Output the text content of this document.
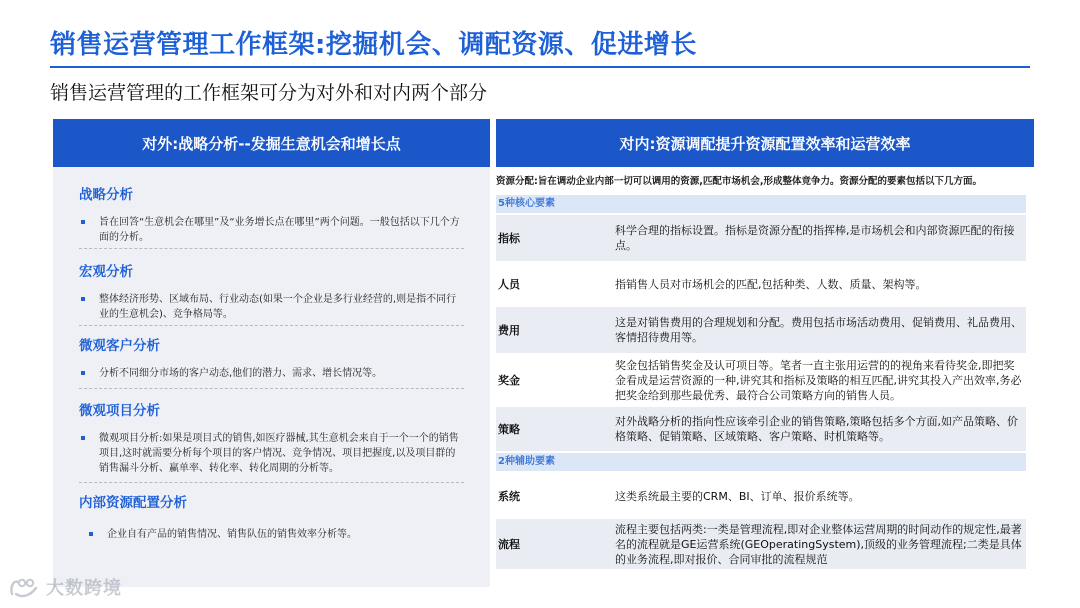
销售运营管理工作框架:挖掘机会、调配资源、促进增长
销售运营管理的工作框架可分为对外和对内两个部分
对外:战略分析--发掘生意机会和增长点
战略分析
旨在回答“生意机会在哪里”及“业务增长点在哪里”两个问题。一般包括以下几个方面的分析。
宏观分析
整体经济形势、区域布局、行业动态(如果一个企业是多行业经营的,则是指不同行业的生意机会)、竞争格局等。
微观客户分析
分析不同细分市场的客户动态,他们的潜力、需求、增长情况等。
微观项目分析
微观项目分析:如果是项目式的销售,如医疗器械,其生意机会来自于一个一个的销售项目,这时就需要分析每个项目的客户情况、竞争情况、项目把握度,以及项目群的销售漏斗分析、赢单率、转化率、转化周期的分析等。
内部资源配置分析
企业自有产品的销售情况、销售队伍的销售效率分析等。
对内:资源调配提升资源配置效率和运营效率
资源分配:旨在调动企业内部一切可以调用的资源,匹配市场机会,形成整体竞争力。资源分配的要素包括以下几方面。
5种核心要素
指标
科学合理的指标设置。指标是资源分配的指挥棒,是市场机会和内部资源匹配的衔接点。
人员	指销售人员对市场机会的匹配,包括种类、人数、质量、架构等。
费用
这是对销售费用的合理规划和分配。费用包括市场活动费用、促销费用、礼品费用、客情招待费用等。
奖金
奖金包括销售奖金及认可项目等。笔者一直主张用运营的的视角来看待奖金,即把奖金看成是运营资源的一种,讲究其和指标及策略的相互匹配,讲究其投入产出效率,务必把奖金给到那些最优秀、最符合公司策略方向的销售人员。
策略
对外战略分析的指向性应该牵引企业的销售策略,策略包括多个方面,如产品策略、价格策略、促销策略、区域策略、客户策略、时机策略等。
2种辅助要素
系统	这类系统最主要的CRM、BI、订单、报价系统等。
流程
流程主要包括两类:一类是管理流程,即对企业整体运营周期的时间动作的规定性,最著名的流程就是GE运营系统(GEOperatingSystem),顶级的业务管理流程;二类是具体的业务流程,即对报价、合同审批的流程规范
大数跨境
